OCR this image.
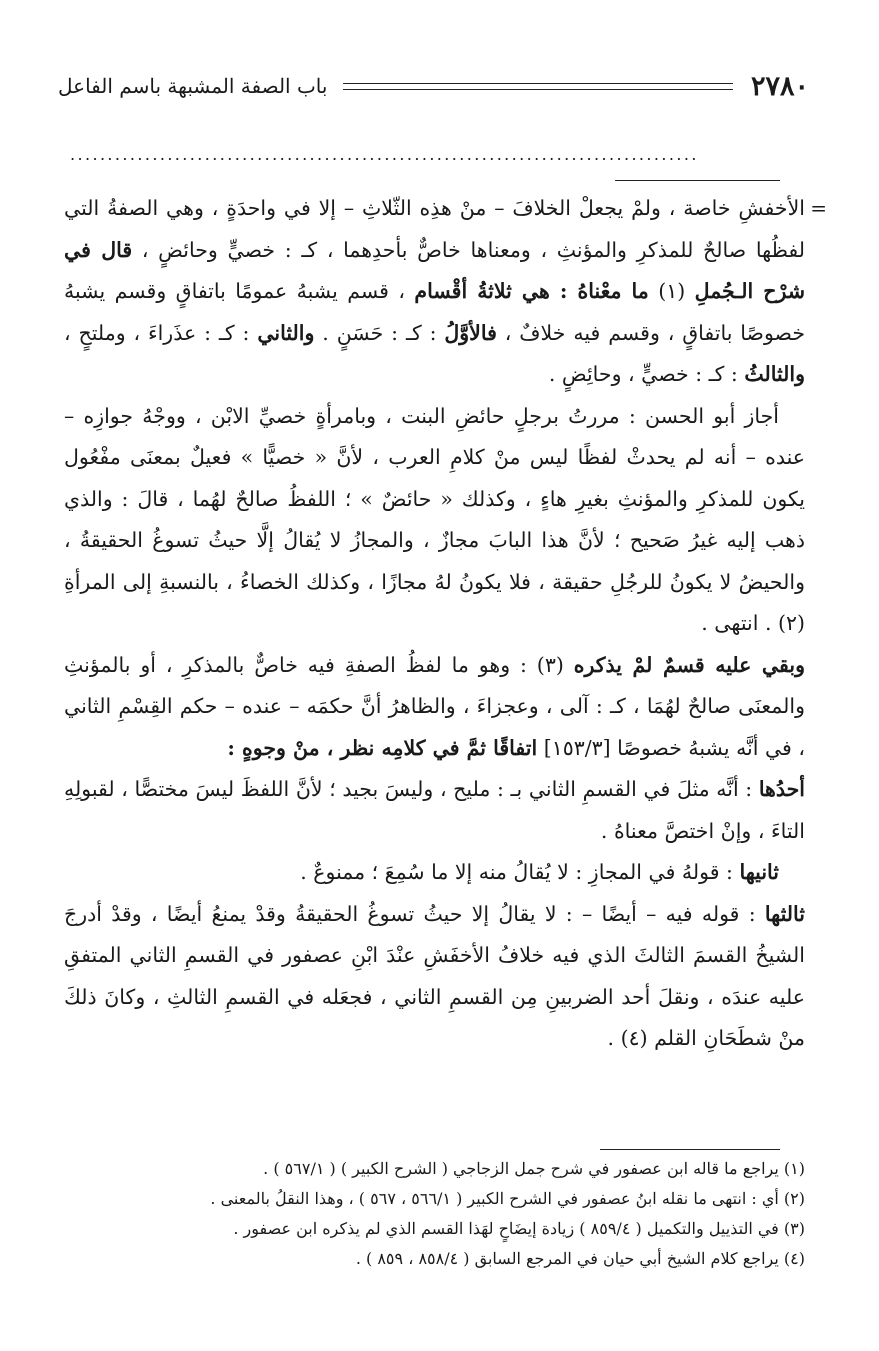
٢٧٨٠
باب الصفة المشبهة باسم الفاعل
....................................................................................
=

الأخفشِ خاصة ، ولمْ يجعلْ الخلافَ – منْ هذِه الثّلاثِ – إلا في واحدَةٍ ، وهي الصفةُ التي لفظُها صالحٌ للمذكرِ والمؤنثِ ، ومعناها خاصٌّ بأحدِهما ، كـ : خصيٍّ وحائضٍ ، قال في شرْح الـجُملِ (١) ما معْناهُ : هي ثلاثةُ أقْسام ، قسم يشبهُ عمومًا باتفاقٍ وقسم يشبهُ خصوصًا باتفاقٍ ، وقسم فيه خلافٌ ، فالأوَّلُ : كـ : حَسَنٍ . والثاني : كـ : عذَراءَ ، وملتحٍ ، والثالثُ : كـ : خصيٍّ ، وحائِضٍ .

أجاز أبو الحسن : مررتُ برجلٍ حائضِ البنت ، وبامرأةٍ خصيِّ الابْن ، ووجْهُ جوازِه – عنده – أنه لم يحدثْ لفظًا ليس منْ كلامِ العرب ، لأنَّ « خصيًّا » فعيلٌ بمعنَى مفْعُول يكون للمذكرِ والمؤنثِ بغيرِ هاءٍ ، وكذلك « حائضٌ » ؛ اللفظُ صالحٌ لهُما ، قالَ : والذي ذهب إليه غيرُ صَحيح ؛ لأنَّ هذا البابَ مجازٌ ، والمجازُ لا يُقالُ إلَّا حيثُ تسوغُ الحقيقةُ ، والحيضُ لا يكونُ للرجُلِ حقيقة ، فلا يكونُ لهُ مجازًا ، وكذلك الخصاءُ ، بالنسبةِ إلى المرأةِ (٢) . انتهى .

وبقي عليه قسمٌ لمْ يذكره (٣) : وهو ما لفظُ الصفةِ فيه خاصٌّ بالمذكرِ ، أو بالمؤنثِ والمعنَى صالحٌ لهُمَا ، كـ : آلى ، وعجزاءَ ، والظاهرُ أنَّ حكمَه – عنده – حكم القِسْمِ الثاني ، في أنَّه يشبهُ خصوصًا [١٥٣/٣] اتفاقًا ثمَّ في كلامِه نظر ، منْ وجوهٍ :

أحدُها : أنَّه مثلَ في القسمِ الثاني بـ : مليح ، وليسَ بجيد ؛ لأنَّ اللفظَ ليسَ مختصًّا ، لقبولِهِ التاءَ ، وإنْ اختصَّ معناهُ .

ثانيها : قولهُ في المجازِ : لا يُقالُ منه إلا ما سُمِعَ ؛ ممنوعٌ .

ثالثها : قوله فيه – أيضًا – : لا يقالُ إلا حيثُ تسوغُ الحقيقةُ وقدْ يمنعُ أيضًا ، وقدْ أدرجَ الشيخُ القسمَ الثالثَ الذي فيه خلافُ الأخفَشِ عنْدَ ابْنِ عصفور في القسمِ الثاني المتفقِ عليه عندَه ، ونقلَ أحد الضربينِ مِن القسمِ الثاني ، فجعَله في القسمِ الثالثِ ، وكانَ ذلكَ منْ شطَحَانِ القلم (٤) .

(١) يراجع ما قاله ابن عصفور في شرح جمل الزجاجي ( الشرح الكبير ) ( ٥٦٧/١ ) .
(٢) أي : انتهى ما نقله ابنُ عصفور في الشرح الكبير ( ٥٦٦/١ ، ٥٦٧ ) ، وهذا النقلُ بالمعنى .
(٣) في التذييل والتكميل ( ٨٥٩/٤ ) زيادة إيضَاحٍ لهَذا القسم الذي لم يذكره ابن عصفور .
(٤) يراجع كلام الشيخ أبي حيان في المرجع السابق ( ٨٥٨/٤ ، ٨٥٩ ) .
